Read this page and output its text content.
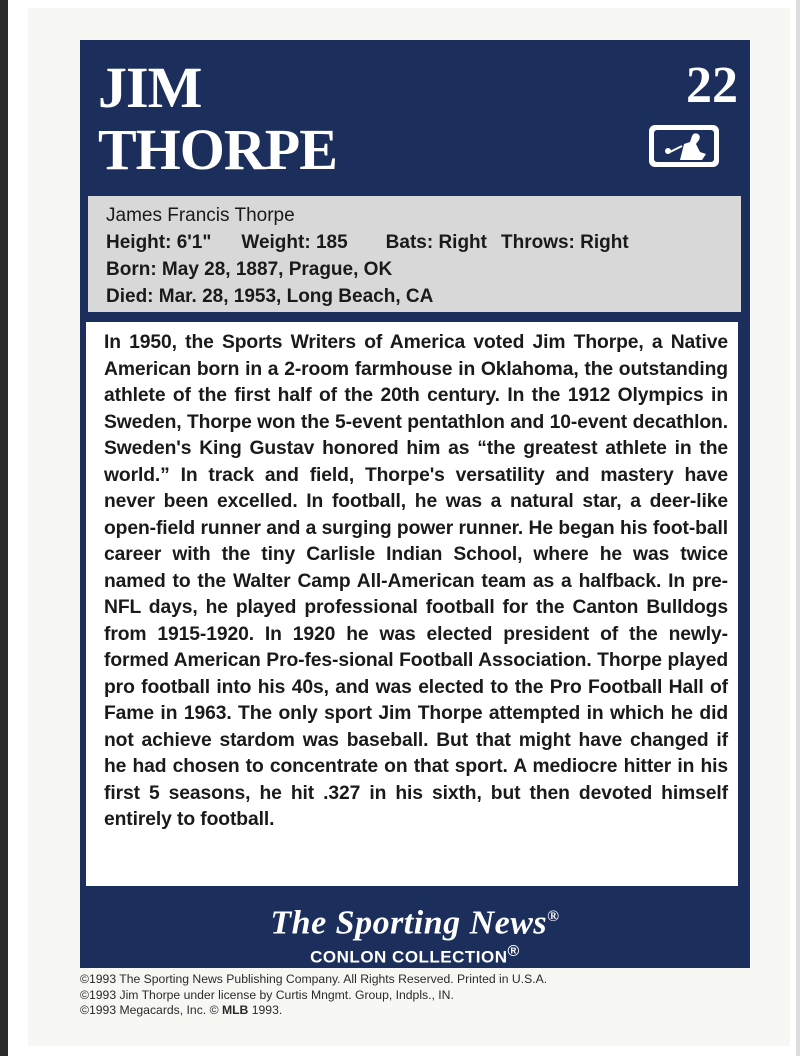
JIM
THORPE
22
James Francis Thorpe
Height: 6'1" Weight: 185 Bats: Right Throws: Right
Born: May 28, 1887, Prague, OK
Died: Mar. 28, 1953, Long Beach, CA
In 1950, the Sports Writers of America voted Jim Thorpe, a Native American born in a 2-room farmhouse in Oklahoma, the outstanding athlete of the first half of the 20th century. In the 1912 Olympics in Sweden, Thorpe won the 5-event pentathlon and 10-event decathlon. Sweden's King Gustav honored him as “the greatest athlete in the world.” In track and field, Thorpe's versatility and mastery have never been excelled. In football, he was a natural star, a deer-like open-field runner and a surging power runner. He began his foot-ball career with the tiny Carlisle Indian School, where he was twice named to the Walter Camp All-American team as a halfback. In pre-NFL days, he played professional football for the Canton Bulldogs from 1915-1920. In 1920 he was elected president of the newly-formed American Pro-fes-sional Football Association. Thorpe played pro football into his 40s, and was elected to the Pro Football Hall of Fame in 1963. The only sport Jim Thorpe attempted in which he did not achieve stardom was baseball. But that might have changed if he had chosen to concentrate on that sport. A mediocre hitter in his first 5 seasons, he hit .327 in his sixth, but then devoted himself entirely to football.
The Sporting News®
CONLON COLLECTION®
©1993 The Sporting News Publishing Company. All Rights Reserved. Printed in U.S.A.
©1993 Jim Thorpe under license by Curtis Mngmt. Group, Indpls., IN.
©1993 Megacards, Inc. © MLB 1993.
